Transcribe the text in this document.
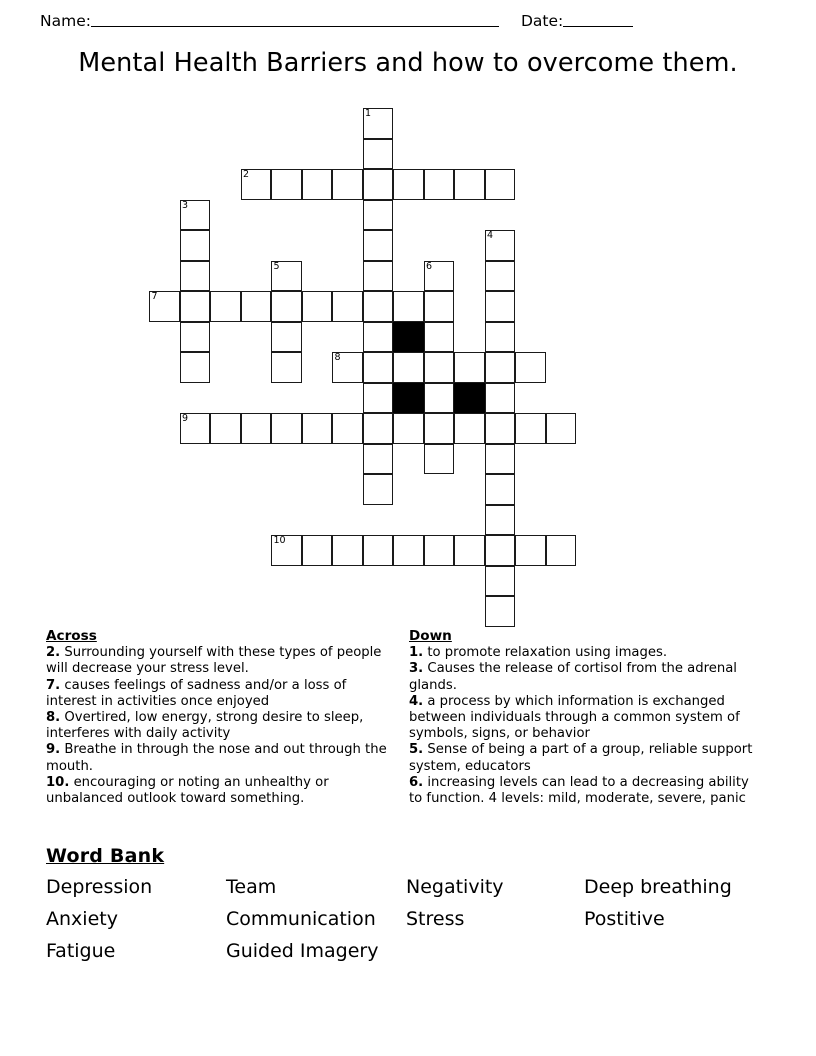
Name:	Date:
Mental Health Barriers and how to overcome them.
1
2
3
4
5	6
7
8
9
10
Across
2. Surrounding yourself with these types of people will decrease your stress level.
7. causes feelings of sadness and/or a loss of interest in activities once enjoyed
8. Overtired, low energy, strong desire to sleep, interferes with daily activity
9. Breathe in through the nose and out through the mouth.
10. encouraging or noting an unhealthy or unbalanced outlook toward something.
Down
1. to promote relaxation using images.
3. Causes the release of cortisol from the adrenal glands.
4. a process by which information is exchanged between individuals through a common system of symbols, signs, or behavior
5. Sense of being a part of a group, reliable support system, educators
6. increasing levels can lead to a decreasing ability to function. 4 levels: mild, moderate, severe, panic
Word Bank
Depression	Team	Negativity	Deep breathing
Anxiety	Communication	Stress	Postitive
Fatigue	Guided Imagery
